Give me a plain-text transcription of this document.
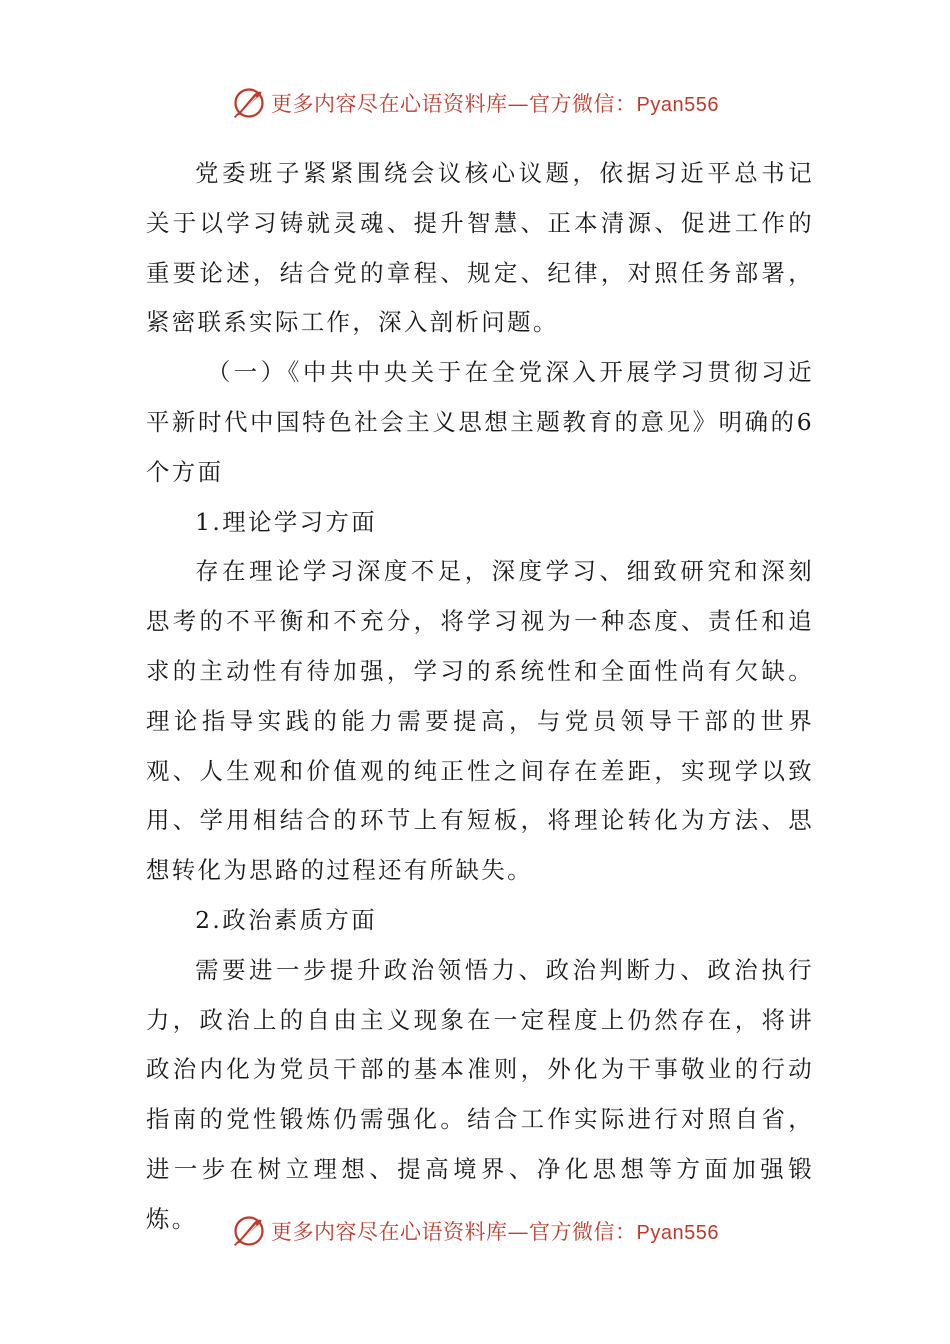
更多内容尽在心语资料库—官方微信：Pyan556

党委班子紧紧围绕会议核心议题，依据习近平总书记关于以学习铸就灵魂、提升智慧、正本清源、促进工作的重要论述，结合党的章程、规定、纪律，对照任务部署，紧密联系实际工作，深入剖析问题。

（一）《中共中央关于在全党深入开展学习贯彻习近平新时代中国特色社会主义思想主题教育的意见》明确的6个方面

1.理论学习方面

存在理论学习深度不足，深度学习、细致研究和深刻思考的不平衡和不充分，将学习视为一种态度、责任和追求的主动性有待加强，学习的系统性和全面性尚有欠缺。理论指导实践的能力需要提高，与党员领导干部的世界观、人生观和价值观的纯正性之间存在差距，实现学以致用、学用相结合的环节上有短板，将理论转化为方法、思想转化为思路的过程还有所缺失。

2.政治素质方面

需要进一步提升政治领悟力、政治判断力、政治执行力，政治上的自由主义现象在一定程度上仍然存在，将讲政治内化为党员干部的基本准则，外化为干事敬业的行动指南的党性锻炼仍需强化。结合工作实际进行对照自省，进一步在树立理想、提高境界、净化思想等方面加强锻炼。	更多内容尽在心语资料库—官方微信：Pyan556
